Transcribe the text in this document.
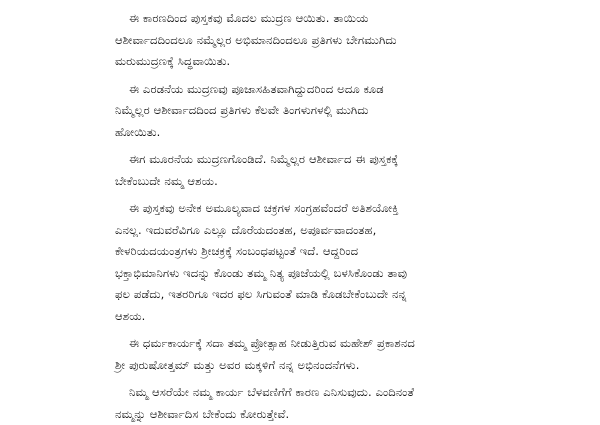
ಈ ಕಾರಣದಿಂದ ಪುಸ್ತಕವು ಮೊದಲ ಮುದ್ರಣ ಆಯಿತು. ತಾಯಿಯ
ಆಶೀರ್ವಾದದಿಂದಲೂ ನಮ್ಮೆಲ್ಲರ ಅಭಿಮಾನದಿಂದಲೂ ಪ್ರತಿಗಳು ಬೇಗಮುಗಿದು
ಮರುಮುದ್ರಣಕ್ಕೆ ಸಿದ್ಧವಾಯಿತು.

ಈ ಎರಡನೆಯ ಮುದ್ರಣವು ಪೂಜಾಸಹಿತವಾಗಿದ್ದುದರಿಂದ ಅದೂ ಕೂಡ
ನಿಮ್ಮೆಲ್ಲರ ಆಶೀರ್ವಾದದಿಂದ ಪ್ರತಿಗಳು ಕೆಲವೇ ತಿಂಗಳುಗಳಲ್ಲಿ ಮುಗಿದು
ಹೋಯಿತು.

ಈಗ ಮೂರನೆಯ ಮುದ್ರಣಗೊಂಡಿದೆ. ನಿಮ್ಮೆಲ್ಲರ ಆಶೀರ್ವಾದ ಈ ಪುಸ್ತಕಕ್ಕೆ
ಬೇಕೆಂಬುದೇ ನಮ್ಮ ಆಶಯ.

ಈ ಪುಸ್ತಕವು ಅನೇಕ ಅಮೂಲ್ಯವಾದ ಚಕ್ರಗಳ ಸಂಗ್ರಹವೆಂದರೆ ಅತಿಶಯೋಕ್ತಿ
ಎನಲ್ಲ. ಇದುವರೆವಿಗೂ ಎಲ್ಲೂ ದೊರೆಯದಂತಹ, ಅಪೂರ್ವವಾದಂತಹ,
ಕೇಳರಿಯದಯಂತ್ರಗಳು ಶ್ರೀಚಕ್ರಕ್ಕೆ ಸಂಬಂಧಪಟ್ಟಂತೆ ಇದೆ. ಆದ್ದರಿಂದ
ಭಕ್ತಾಭಿಮಾನಿಗಳು ಇದನ್ನು ಕೊಂಡು ತಮ್ಮ ನಿತ್ಯ ಪೂಜೆಯಲ್ಲಿ ಬಳಸಿಕೊಂಡು ತಾವು
ಫಲ ಪಡೆದು, ಇತರರಿಗೂ ಇದರ ಫಲ ಸಿಗುವಂತೆ ಮಾಡಿ ಕೊಡಬೇಕೆಂಬುದೇ ನನ್ನ
ಆಶಯ.

ಈ ಧರ್ಮಕಾರ್ಯಕ್ಕೆ ಸದಾ ತಮ್ಮ ಪ್ರೋತ್ಸಾಹ ನೀಡುತ್ತಿರುವ ಮಹೇಶ್ ಪ್ರಕಾಶನದ
ಶ್ರೀ ಪುರುಷೋತ್ತಮ್ ಮತ್ತು ಅವರ ಮಕ್ಕಳಿಗೆ ನನ್ನ ಅಭಿನಂದನೆಗಳು.

ನಿಮ್ಮ ಆಸರೆಯೇ ನಮ್ಮ ಕಾರ್ಯ ಬೆಳವಣಿಗೆಗೆ ಕಾರಣ ಎನಿಸುವುದು. ಎಂದಿನಂತೆ
ನಮ್ಮನ್ನು ಆಶೀರ್ವಾದಿಸ ಬೇಕೆಂದು ಕೋರುತ್ತೇವೆ.
